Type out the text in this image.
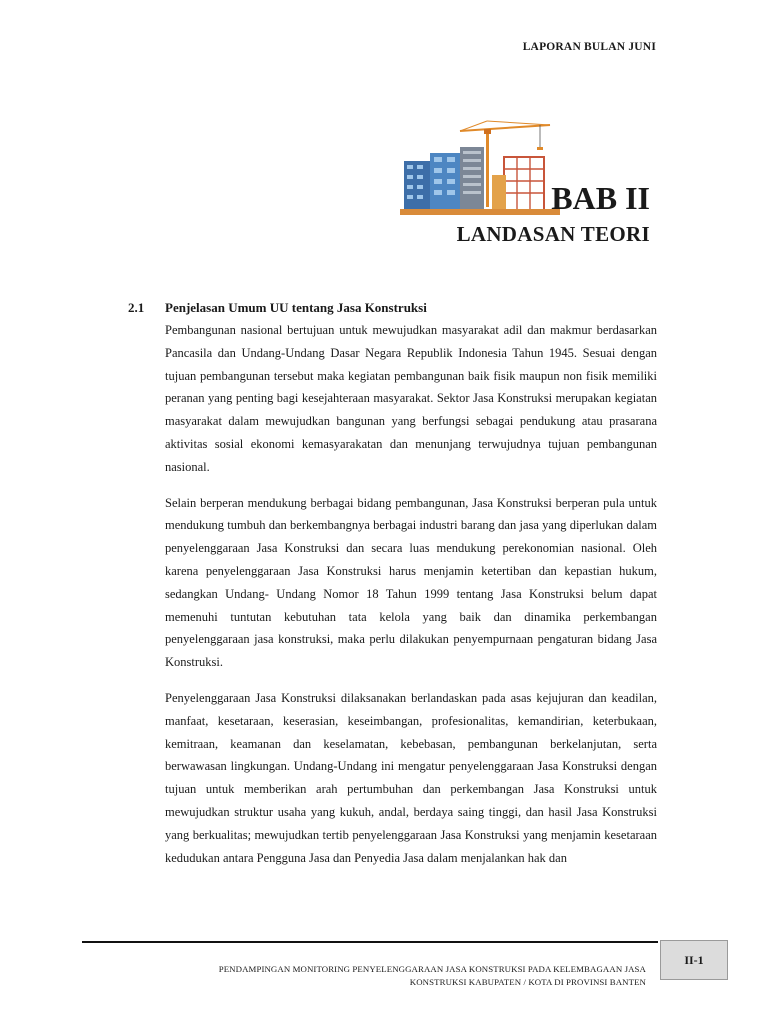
LAPORAN BULAN JUNI
BAB II
LANDASAN TEORI
2.1 Penjelasan Umum UU tentang Jasa Konstruksi

Pembangunan nasional bertujuan untuk mewujudkan masyarakat adil dan makmur berdasarkan Pancasila dan Undang-Undang Dasar Negara Republik Indonesia Tahun 1945. Sesuai dengan tujuan pembangunan tersebut maka kegiatan pembangunan baik fisik maupun non fisik memiliki peranan yang penting bagi kesejahteraan masyarakat. Sektor Jasa Konstruksi merupakan kegiatan masyarakat dalam mewujudkan bangunan yang berfungsi sebagai pendukung atau prasarana aktivitas sosial ekonomi kemasyarakatan dan menunjang terwujudnya tujuan pembangunan nasional.

Selain berperan mendukung berbagai bidang pembangunan, Jasa Konstruksi berperan pula untuk mendukung tumbuh dan berkembangnya berbagai industri barang dan jasa yang diperlukan dalam penyelenggaraan Jasa Konstruksi dan secara luas mendukung perekonomian nasional. Oleh karena penyelenggaraan Jasa Konstruksi harus menjamin ketertiban dan kepastian hukum, sedangkan Undang- Undang Nomor 18 Tahun 1999 tentang Jasa Konstruksi belum dapat memenuhi tuntutan kebutuhan tata kelola yang baik dan dinamika perkembangan penyelenggaraan jasa konstruksi, maka perlu dilakukan penyempurnaan pengaturan bidang Jasa Konstruksi.

Penyelenggaraan Jasa Konstruksi dilaksanakan berlandaskan pada asas kejujuran dan keadilan, manfaat, kesetaraan, keserasian, keseimbangan, profesionalitas, kemandirian, keterbukaan, kemitraan, keamanan dan keselamatan, kebebasan, pembangunan berkelanjutan, serta berwawasan lingkungan. Undang-Undang ini mengatur penyelenggaraan Jasa Konstruksi dengan tujuan untuk memberikan arah pertumbuhan dan perkembangan Jasa Konstruksi untuk mewujudkan struktur usaha yang kukuh, andal, berdaya saing tinggi, dan hasil Jasa Konstruksi yang berkualitas; mewujudkan tertib penyelenggaraan Jasa Konstruksi yang menjamin kesetaraan kedudukan antara Pengguna Jasa dan Penyedia Jasa dalam menjalankan hak dan

PENDAMPINGAN MONITORING PENYELENGGARAAN JASA KONSTRUKSI PADA KELEMBAGAAN JASA
KONSTRUKSI KABUPATEN / KOTA DI PROVINSI BANTEN
II-1
